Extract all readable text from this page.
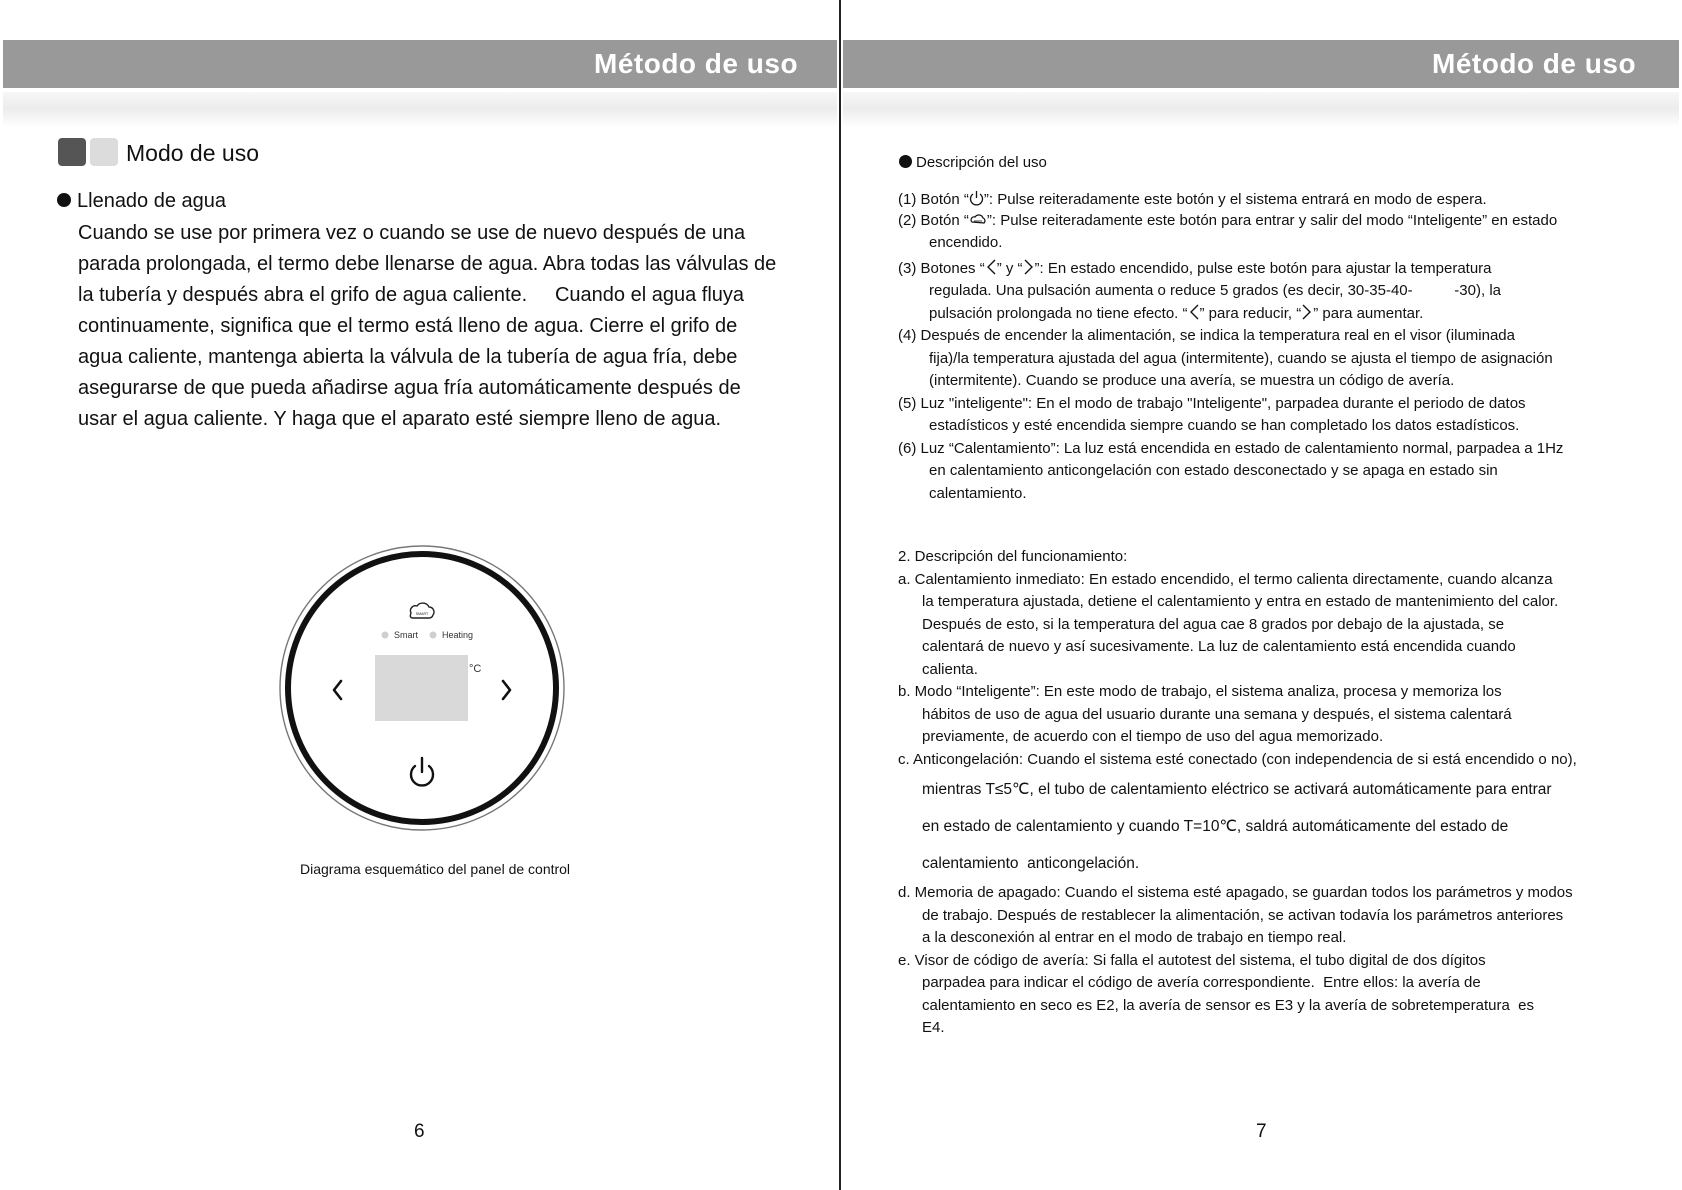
Método de uso	Método de uso
Modo de uso
Llenado de agua
Cuando se use por primera vez o cuando se use de nuevo después de una
parada prolongada, el termo debe llenarse de agua. Abra todas las válvulas de
la tubería y después abra el grifo de agua caliente.     Cuando el agua fluya
continuamente, significa que el termo está lleno de agua. Cierre el grifo de
agua caliente, mantenga abierta la válvula de la tubería de agua fría, debe
asegurarse de que pueda añadirse agua fría automáticamente después de
usar el agua caliente. Y haga que el aparato esté siempre lleno de agua.
SMART
Smart	Heating
°C
Diagrama esquemático del panel de control
6
Descripción del uso
(1) Botón “ ”: Pulse reiteradamente este botón y el sistema entrará en modo de espera.
(2) Botón “ ”: Pulse reiteradamente este botón para entrar y salir del modo “Inteligente” en estado
encendido.
(3) Botones “ ” y “ ”: En estado encendido, pulse este botón para ajustar la temperatura
regulada. Una pulsación aumenta o reduce 5 grados (es decir, 30-35-40-          -30), la
pulsación prolongada no tiene efecto. “ ” para reducir, “ ” para aumentar.
(4) Después de encender la alimentación, se indica la temperatura real en el visor (iluminada
fija)/la temperatura ajustada del agua (intermitente), cuando se ajusta el tiempo de asignación
(intermitente). Cuando se produce una avería, se muestra un código de avería.
(5) Luz "inteligente": En el modo de trabajo "Inteligente", parpadea durante el periodo de datos
estadísticos y esté encendida siempre cuando se han completado los datos estadísticos.
(6) Luz “Calentamiento”: La luz está encendida en estado de calentamiento normal, parpadea a 1Hz
en calentamiento anticongelación con estado desconectado y se apaga en estado sin
calentamiento.
2. Descripción del funcionamiento:
a. Calentamiento inmediato: En estado encendido, el termo calienta directamente, cuando alcanza
la temperatura ajustada, detiene el calentamiento y entra en estado de mantenimiento del calor.
Después de esto, si la temperatura del agua cae 8 grados por debajo de la ajustada, se
calentará de nuevo y así sucesivamente. La luz de calentamiento está encendida cuando
calienta.
b. Modo “Inteligente”: En este modo de trabajo, el sistema analiza, procesa y memoriza los
hábitos de uso de agua del usuario durante una semana y después, el sistema calentará
previamente, de acuerdo con el tiempo de uso del agua memorizado.
c. Anticongelación: Cuando el sistema esté conectado (con independencia de si está encendido o no),
mientras T≤5℃, el tubo de calentamiento eléctrico se activará automáticamente para entrar
en estado de calentamiento y cuando T=10℃, saldrá automáticamente del estado de
calentamiento  anticongelación.
d. Memoria de apagado: Cuando el sistema esté apagado, se guardan todos los parámetros y modos
de trabajo. Después de restablecer la alimentación, se activan todavía los parámetros anteriores
a la desconexión al entrar en el modo de trabajo en tiempo real.
e. Visor de código de avería: Si falla el autotest del sistema, el tubo digital de dos dígitos
parpadea para indicar el código de avería correspondiente.  Entre ellos: la avería de
calentamiento en seco es E2, la avería de sensor es E3 y la avería de sobretemperatura  es
E4.
7
